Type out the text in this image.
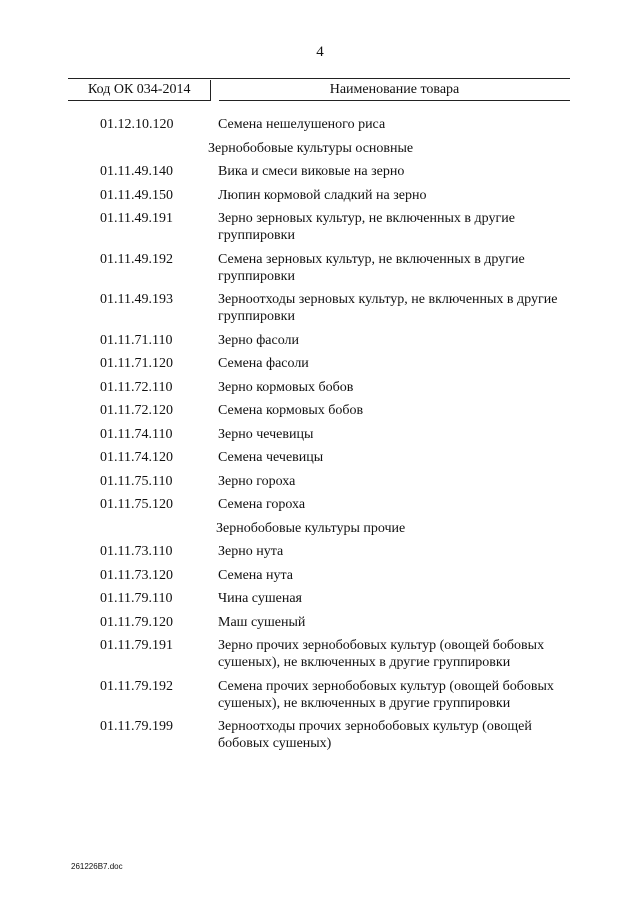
4
Код ОК 034-2014	Наименование товара
01.12.10.120	Семена нешелушеного риса
Зернобобовые культуры основные
01.11.49.140	Вика и смеси виковые на зерно
01.11.49.150	Люпин кормовой сладкий на зерно
01.11.49.191	Зерно зерновых культур, не включенных в другие группировки
01.11.49.192	Семена зерновых культур, не включенных в другие группировки
01.11.49.193	Зерноотходы зерновых культур, не включенных в другие группировки
01.11.71.110	Зерно фасоли
01.11.71.120	Семена фасоли
01.11.72.110	Зерно кормовых бобов
01.11.72.120	Семена кормовых бобов
01.11.74.110	Зерно чечевицы
01.11.74.120	Семена чечевицы
01.11.75.110	Зерно гороха
01.11.75.120	Семена гороха
Зернобобовые культуры прочие
01.11.73.110	Зерно нута
01.11.73.120	Семена нута
01.11.79.110	Чина сушеная
01.11.79.120	Маш сушеный
01.11.79.191	Зерно прочих зернобобовых культур (овощей бобовых сушеных), не включенных в другие группировки
01.11.79.192	Семена прочих зернобобовых культур (овощей бобовых сушеных), не включенных в другие группировки
01.11.79.199	Зерноотходы прочих зернобобовых культур (овощей бобовых сушеных)
261226B7.doc
